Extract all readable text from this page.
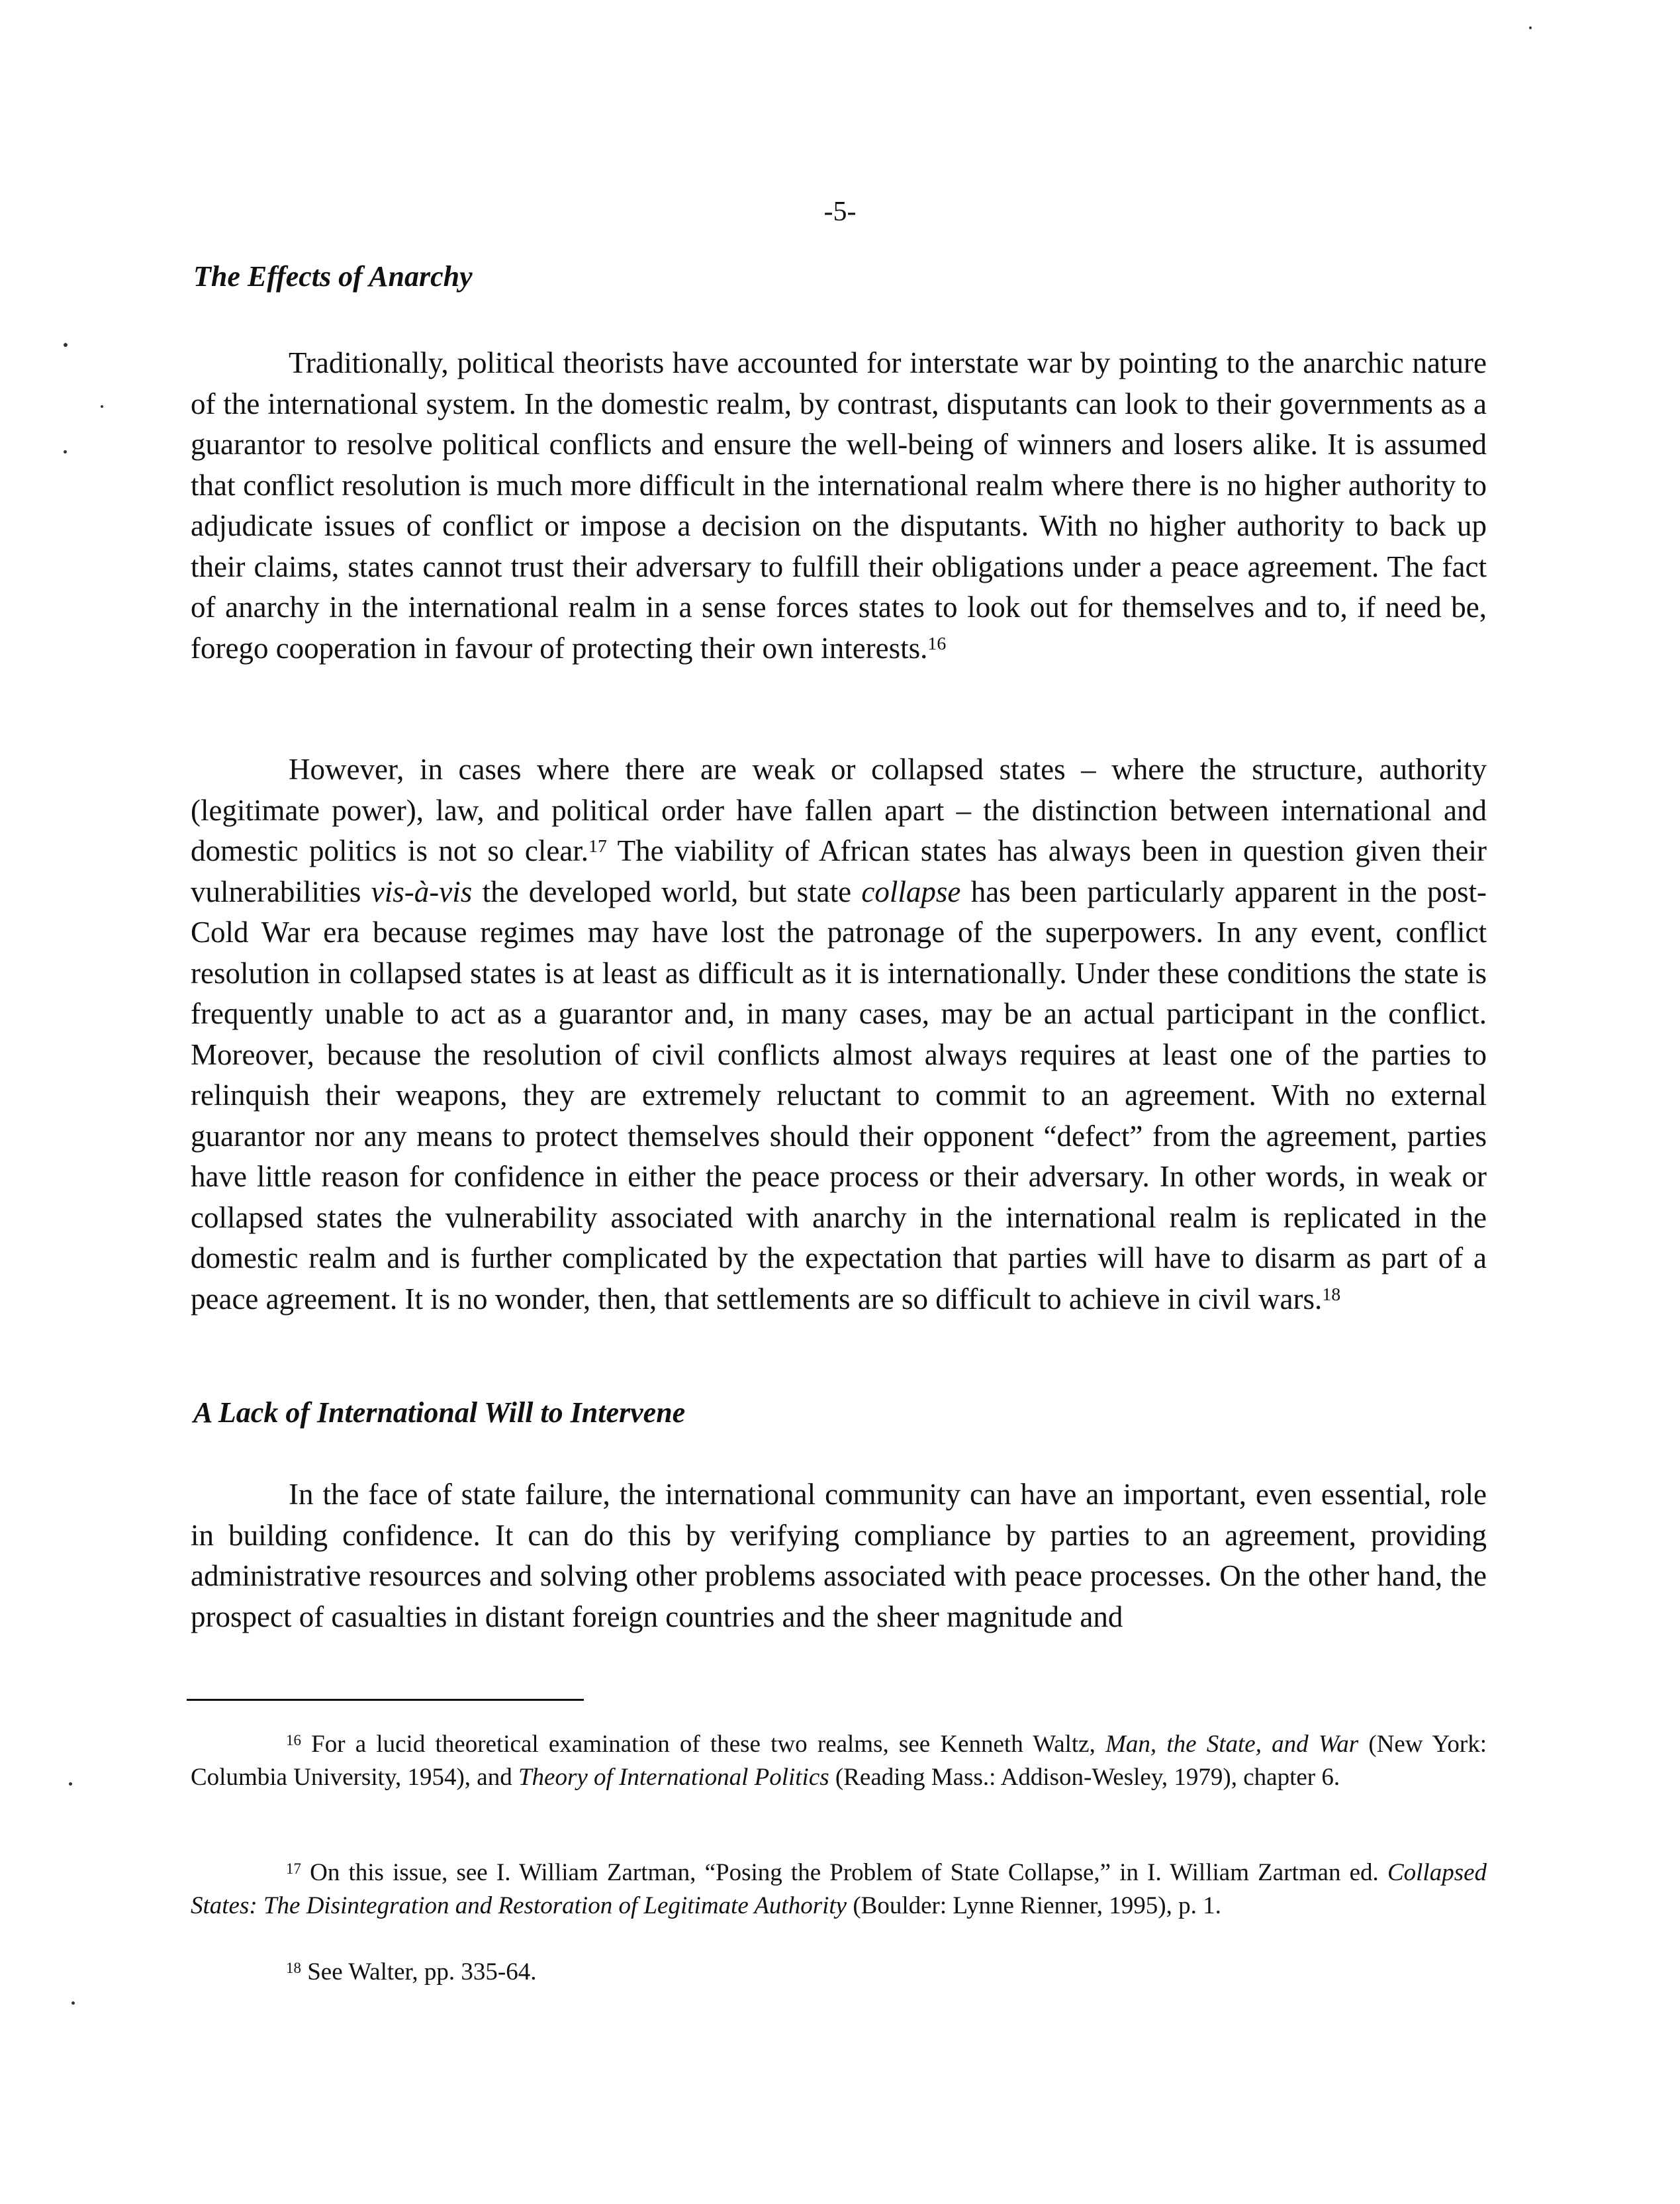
-5-
The Effects of Anarchy

Traditionally, political theorists have accounted for interstate war by pointing to the anarchic nature of the international system. In the domestic realm, by contrast, disputants can look to their governments as a guarantor to resolve political conflicts and ensure the well-being of winners and losers alike. It is assumed that conflict resolution is much more difficult in the international realm where there is no higher authority to adjudicate issues of conflict or impose a decision on the disputants. With no higher authority to back up their claims, states cannot trust their adversary to fulfill their obligations under a peace agreement. The fact of anarchy in the international realm in a sense forces states to look out for themselves and to, if need be, forego cooperation in favour of protecting their own interests.$^{16}$

However, in cases where there are weak or collapsed states – where the structure, authority (legitimate power), law, and political order have fallen apart – the distinction between international and domestic politics is not so clear.$^{17}$ The viability of African states has always been in question given their vulnerabilities vis-à-vis the developed world, but state collapse has been particularly apparent in the post-Cold War era because regimes may have lost the patronage of the superpowers. In any event, conflict resolution in collapsed states is at least as difficult as it is internationally. Under these conditions the state is frequently unable to act as a guarantor and, in many cases, may be an actual participant in the conflict. Moreover, because the resolution of civil conflicts almost always requires at least one of the parties to relinquish their weapons, they are extremely reluctant to commit to an agreement. With no external guarantor nor any means to protect themselves should their opponent “defect” from the agreement, parties have little reason for confidence in either the peace process or their adversary. In other words, in weak or collapsed states the vulnerability associated with anarchy in the international realm is replicated in the domestic realm and is further complicated by the expectation that parties will have to disarm as part of a peace agreement. It is no wonder, then, that settlements are so difficult to achieve in civil wars.$^{18}$

A Lack of International Will to Intervene

In the face of state failure, the international community can have an important, even essential, role in building confidence. It can do this by verifying compliance by parties to an agreement, providing administrative resources and solving other problems associated with peace processes. On the other hand, the prospect of casualties in distant foreign countries and the sheer magnitude and

$^{16}$ For a lucid theoretical examination of these two realms, see Kenneth Waltz, Man, the State, and War (New York: Columbia University, 1954), and Theory of International Politics (Reading Mass.: Addison-Wesley, 1979), chapter 6.

$^{17}$ On this issue, see I. William Zartman, “Posing the Problem of State Collapse,” in I. William Zartman ed. Collapsed States: The Disintegration and Restoration of Legitimate Authority (Boulder: Lynne Rienner, 1995), p. 1.

$^{18}$ See Walter, pp. 335-64.
